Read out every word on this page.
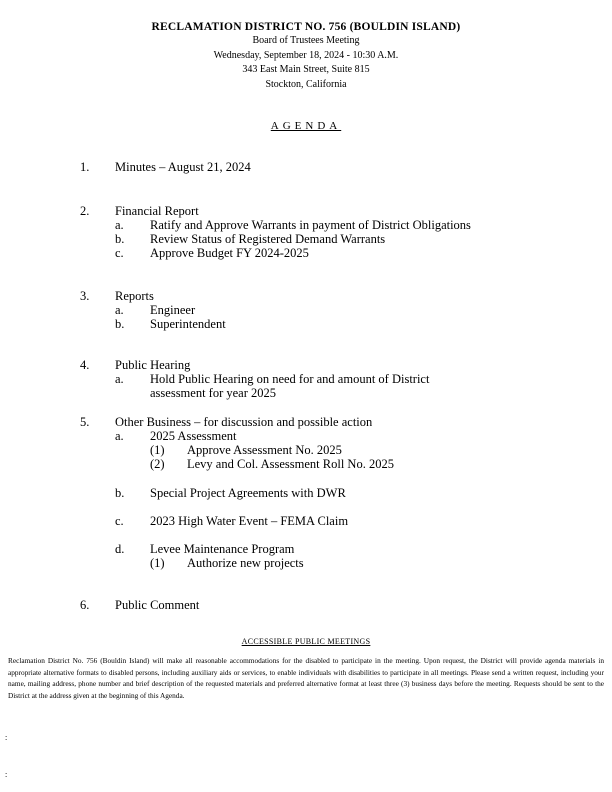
RECLAMATION DISTRICT NO. 756 (BOULDIN ISLAND)
Board of Trustees Meeting
Wednesday, September 18, 2024 - 10:30 A.M.
343 East Main Street, Suite 815
Stockton, California
AGENDA
1. Minutes – August 21, 2024
2. Financial Report
a. Ratify and Approve Warrants in payment of District Obligations
b. Review Status of Registered Demand Warrants
c. Approve Budget FY 2024-2025
3. Reports
a. Engineer
b. Superintendent
4. Public Hearing
a. Hold Public Hearing on need for and amount of District
assessment for year 2025
5. Other Business – for discussion and possible action
a. 2025 Assessment
(1) Approve Assessment No. 2025
(2) Levy and Col. Assessment Roll No. 2025
b. Special Project Agreements with DWR
c. 2023 High Water Event – FEMA Claim
d. Levee Maintenance Program
(1) Authorize new projects
6. Public Comment
ACCESSIBLE PUBLIC MEETINGS
Reclamation District No. 756 (Bouldin Island) will make all reasonable accommodations for the disabled to participate in the meeting. Upon request, the District will provide agenda materials in appropriate alternative formats to disabled persons, including auxiliary aids or services, to enable individuals with disabilities to participate in all meetings. Please send a written request, including your name, mailing address, phone number and brief description of the requested materials and preferred alternative format at least three (3) business days before the meeting. Requests should be sent to the District at the address given at the beginning of this Agenda.
:
:
